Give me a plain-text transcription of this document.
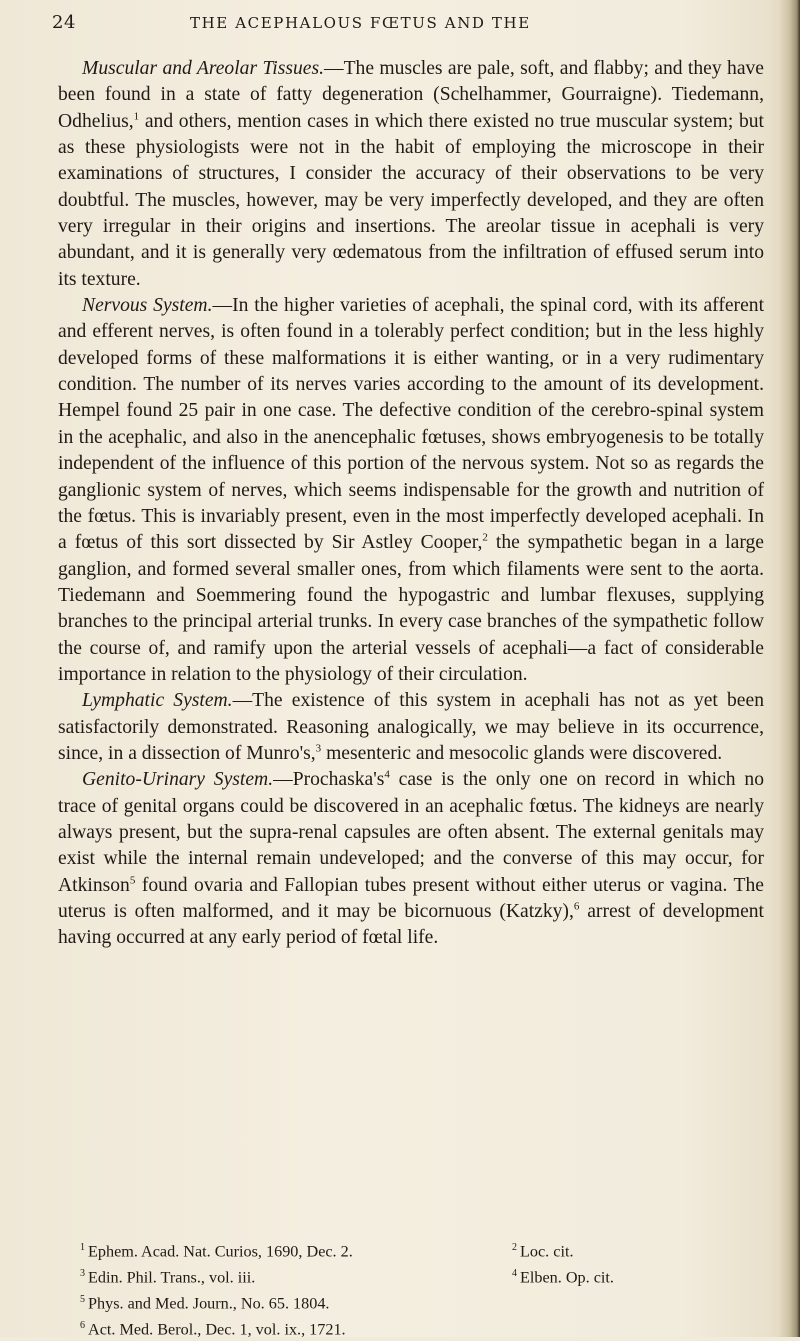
24	THE ACEPHALOUS FŒTUS AND THE

Muscular and Areolar Tissues.—The muscles are pale, soft, and flabby; and they have been found in a state of fatty degeneration (Schelhammer, Gourraigne). Tiedemann, Odhelius,$^1$ and others, mention cases in which there existed no true muscular system; but as these physiologists were not in the habit of employing the microscope in their examinations of structures, I consider the accuracy of their observations to be very doubtful. The muscles, however, may be very imperfectly developed, and they are often very irregular in their origins and insertions. The areolar tissue in acephali is very abundant, and it is generally very œdematous from the infiltration of effused serum into its texture.

Nervous System.—In the higher varieties of acephali, the spinal cord, with its afferent and efferent nerves, is often found in a tolerably perfect condition; but in the less highly developed forms of these malformations it is either wanting, or in a very rudimentary condition. The number of its nerves varies according to the amount of its development. Hempel found 25 pair in one case. The defective condition of the cerebro-spinal system in the acephalic, and also in the anencephalic fœtuses, shows embryogenesis to be totally independent of the influence of this portion of the nervous system. Not so as regards the ganglionic system of nerves, which seems indispensable for the growth and nutrition of the fœtus. This is invariably present, even in the most imperfectly developed acephali. In a fœtus of this sort dissected by Sir Astley Cooper,$^2$ the sympathetic began in a large ganglion, and formed several smaller ones, from which filaments were sent to the aorta. Tiedemann and Soemmering found the hypogastric and lumbar flexuses, supplying branches to the principal arterial trunks. In every case branches of the sympathetic follow the course of, and ramify upon the arterial vessels of acephali—a fact of considerable importance in relation to the physiology of their circulation.

Lymphatic System.—The existence of this system in acephali has not as yet been satisfactorily demonstrated. Reasoning analogically, we may believe in its occurrence, since, in a dissection of Munro's,$^3$ mesenteric and mesocolic glands were discovered.

Genito-Urinary $System.—Prochaska's^4$ case is the only one on record in which no trace of genital organs could be discovered in an acephalic fœtus. The kidneys are nearly always present, but the supra-renal capsules are often absent. The external genitals may exist while the internal remain undeveloped; and the converse of this may occur, for Atkinson$^5$ found ovaria and Fallopian tubes present without either uterus or vagina. The uterus is often malformed, and it may be bicornuous (Katzky),$^6$ arrest of development having occurred at any early period of fœtal life.

$^1$ Ephem. Acad. Nat. Curios, 1690, Dec. 2.	$^2$ Loc. cit.
$^3$ Edin. Phil. Trans., vol. iii.	$^4$ Elben. Op. cit.
$^5$ Phys. and Med. Journ., No. 65. 1804.
$^6$ Act. Med. Berol., Dec. 1, vol. ix., 1721.
